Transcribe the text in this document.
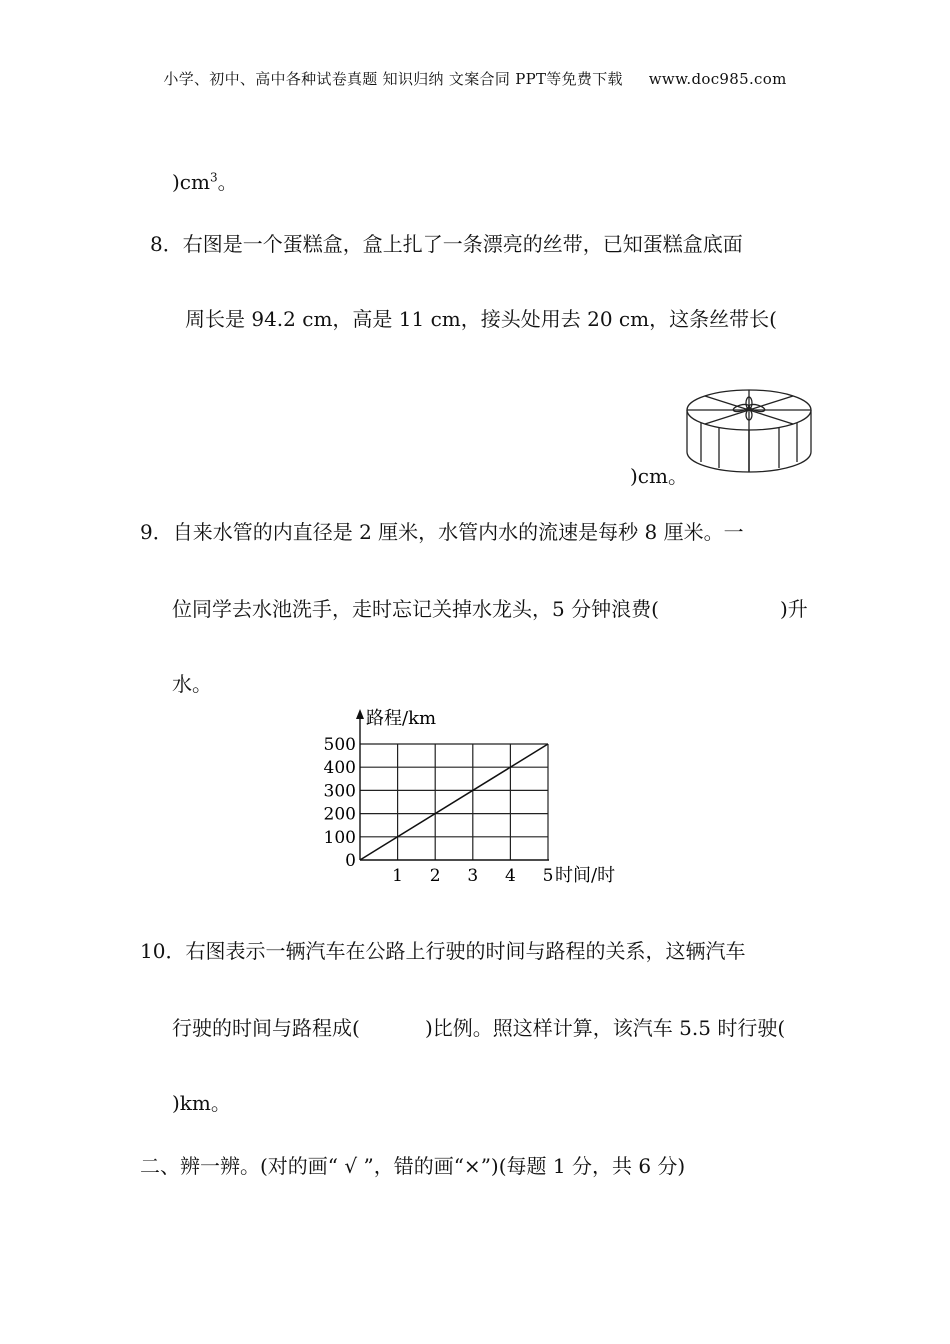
小学、初中、高中各种试卷真题 知识归纳 文案合同 PPT等免费下载 www.doc985.com
)$cm^3$。
8．右图是一个蛋糕盒，盒上扎了一条漂亮的丝带，已知蛋糕盒底面
周长是 94.2 cm，高是 11 cm，接头处用去 20 cm，这条丝带长(
)cm。
9．自来水管的内直径是 2 厘米，水管内水的流速是每秒 8 厘米。一
位同学去水池洗手，走时忘记关掉水龙头，5 分钟浪费(	)升
水。
路程/km
0
100
200
300
400
500
1 2 3 4 5 时间/时
10．右图表示一辆汽车在公路上行驶的时间与路程的关系，这辆汽车
行驶的时间与路程成(	)比例。照这样计算，该汽车 5.5 时行驶(
)km。
二、辨一辨。(对的画“ √ ”，错的画“×”)(每题 1 分，共 6 分)
